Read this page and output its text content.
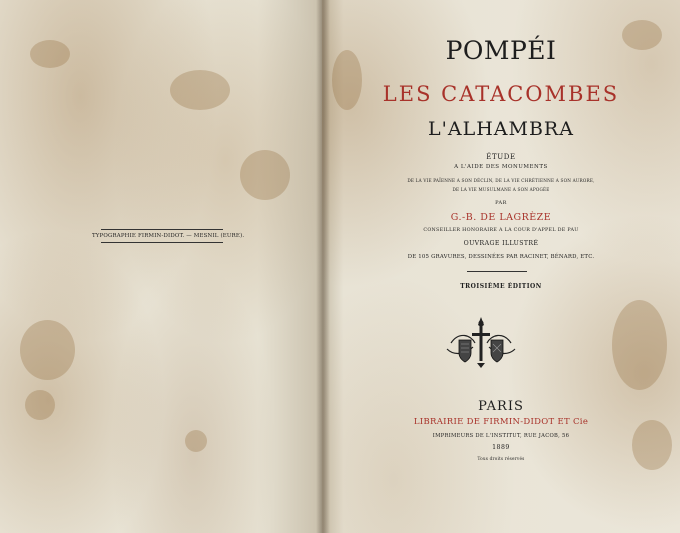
TYPOGRAPHIE FIRMIN-DIDOT. — MESNIL (EURE).
POMPÉI
LES CATACOMBES
L'ALHAMBRA
ÉTUDE
A L'AIDE DES MONUMENTS
DE LA VIE PAÏENNE A SON DÉCLIN, DE LA VIE CHRÉTIENNE A SON AURORE,
DE LA VIE MUSULMANE A SON APOGÉE
PAR
G.-B. DE LAGRÈZE
CONSEILLER HONORAIRE A LA COUR D'APPEL DE PAU
OUVRAGE ILLUSTRÉ
DE 105 GRAVURES, DESSINÉES PAR RACINET, BÉNARD, ETC.
TROISIÈME ÉDITION
PARIS
LIBRAIRIE DE FIRMIN-DIDOT ET Cie
IMPRIMEURS DE L'INSTITUT, RUE JACOB, 56
1889
Tous droits réservés
